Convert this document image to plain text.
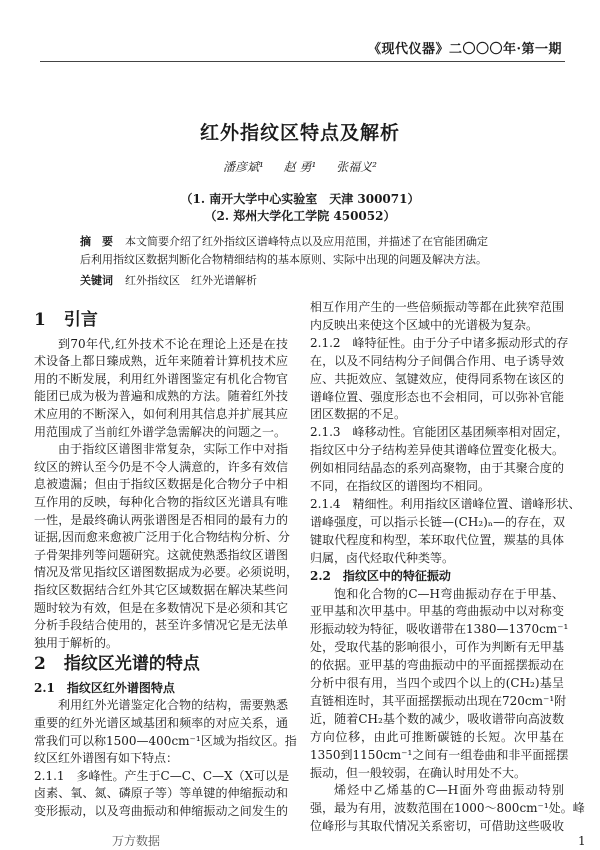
《现代仪器》二〇〇〇年·第一期
红外指纹区特点及解析
潘彦斌¹ 赵 勇¹ 张福义²
（1. 南开大学中心实验室　天津 300071）
（2. 郑州大学化工学院 450052）
摘　要 本文简要介绍了红外指纹区谱峰特点以及应用范围，并描述了在官能团确定
后利用指纹区数据判断化合物精细结构的基本原则、实际中出现的问题及解决方法。
关键词 红外指纹区　红外光谱解析
1 引言
到70年代,红外技术不论在理论上还是在技
术设备上都日臻成熟，近年来随着计算机技术应
用的不断发展，利用红外谱图鉴定有机化合物官
能团已成为极为普遍和成熟的方法。随着红外技
术应用的不断深入，如何利用其信息并扩展其应
用范围成了当前红外谱学急需解决的问题之一。
由于指纹区谱图非常复杂，实际工作中对指
纹区的辨认至今仍是不令人满意的，许多有效信
息被遗漏；但由于指纹区数据是化合物分子中相
互作用的反映，每种化合物的指纹区光谱具有唯
一性，是最终确认两张谱图是否相同的最有力的
证据,因而愈来愈被广泛用于化合物结构分析、分
子骨架排列等问题研究。这就使熟悉指纹区谱图
情况及常见指纹区谱图数据成为必要。必须说明，
指纹区数据结合红外其它区域数据在解决某些问
题时较为有效，但是在多数情况下是必须和其它
分析手段结合使用的，甚至许多情况它是无法单
独用于解析的。
2 指纹区光谱的特点
2.1　指纹区红外谱图特点
利用红外光谱鉴定化合物的结构，需要熟悉
重要的红外光谱区域基团和频率的对应关系，通
常我们可以称1500—400cm⁻¹区域为指纹区。指
纹区红外谱图有如下特点：
2.1.1　多峰性。产生于C—C、C—X（X可以是
卤素、氧、氮、磷原子等）等单键的伸缩振动和
变形振动，以及弯曲振动和伸缩振动之间发生的
相互作用产生的一些倍频振动等都在此狭窄范围
内反映出来使这个区域中的光谱极为复杂。
2.1.2　峰特征性。由于分子中诸多振动形式的存
在，以及不同结构分子间偶合作用、电子诱导效
应、共扼效应、氢键效应，使得同系物在该区的
谱峰位置、强度形态也不会相同，可以弥补官能
团区数据的不足。
2.1.3　峰移动性。官能团区基团频率相对固定，
指纹区中分子结构差异使其谱峰位置变化极大。
例如相同结晶态的系列高聚物，由于其聚合度的
不同，在指纹区的谱图均不相同。
2.1.4　精细性。利用指纹区谱峰位置、谱峰形状、
谱峰强度，可以指示长链—(CH₂)ₙ—的存在，双
键取代程度和构型，苯环取代位置，羰基的具体
归属，卤代烃取代种类等。
2.2　指纹区中的特征振动
饱和化合物的C—H弯曲振动存在于甲基、
亚甲基和次甲基中。甲基的弯曲振动中以对称变
形振动较为特征，吸收谱带在1380—1370cm⁻¹
处，受取代基的影响很小，可作为判断有无甲基
的依据。亚甲基的弯曲振动中的平面摇摆振动在
分析中很有用，当四个或四个以上的(CH₂)基呈
直链相连时，其平面摇摆振动出现在720cm⁻¹附
近，随着CH₂基个数的减少，吸收谱带向高波数
方向位移，由此可推断碳链的长短。次甲基在
1350到1150cm⁻¹之间有一组卷曲和非平面摇摆
振动，但一般较弱，在确认时用处不大。
烯烃中乙烯基的C—H面外弯曲振动特别
强，最为有用，波数范围在1000～800cm⁻¹处。峰
位峰形与其取代情况关系密切，可借助这些吸收
万方数据	1
